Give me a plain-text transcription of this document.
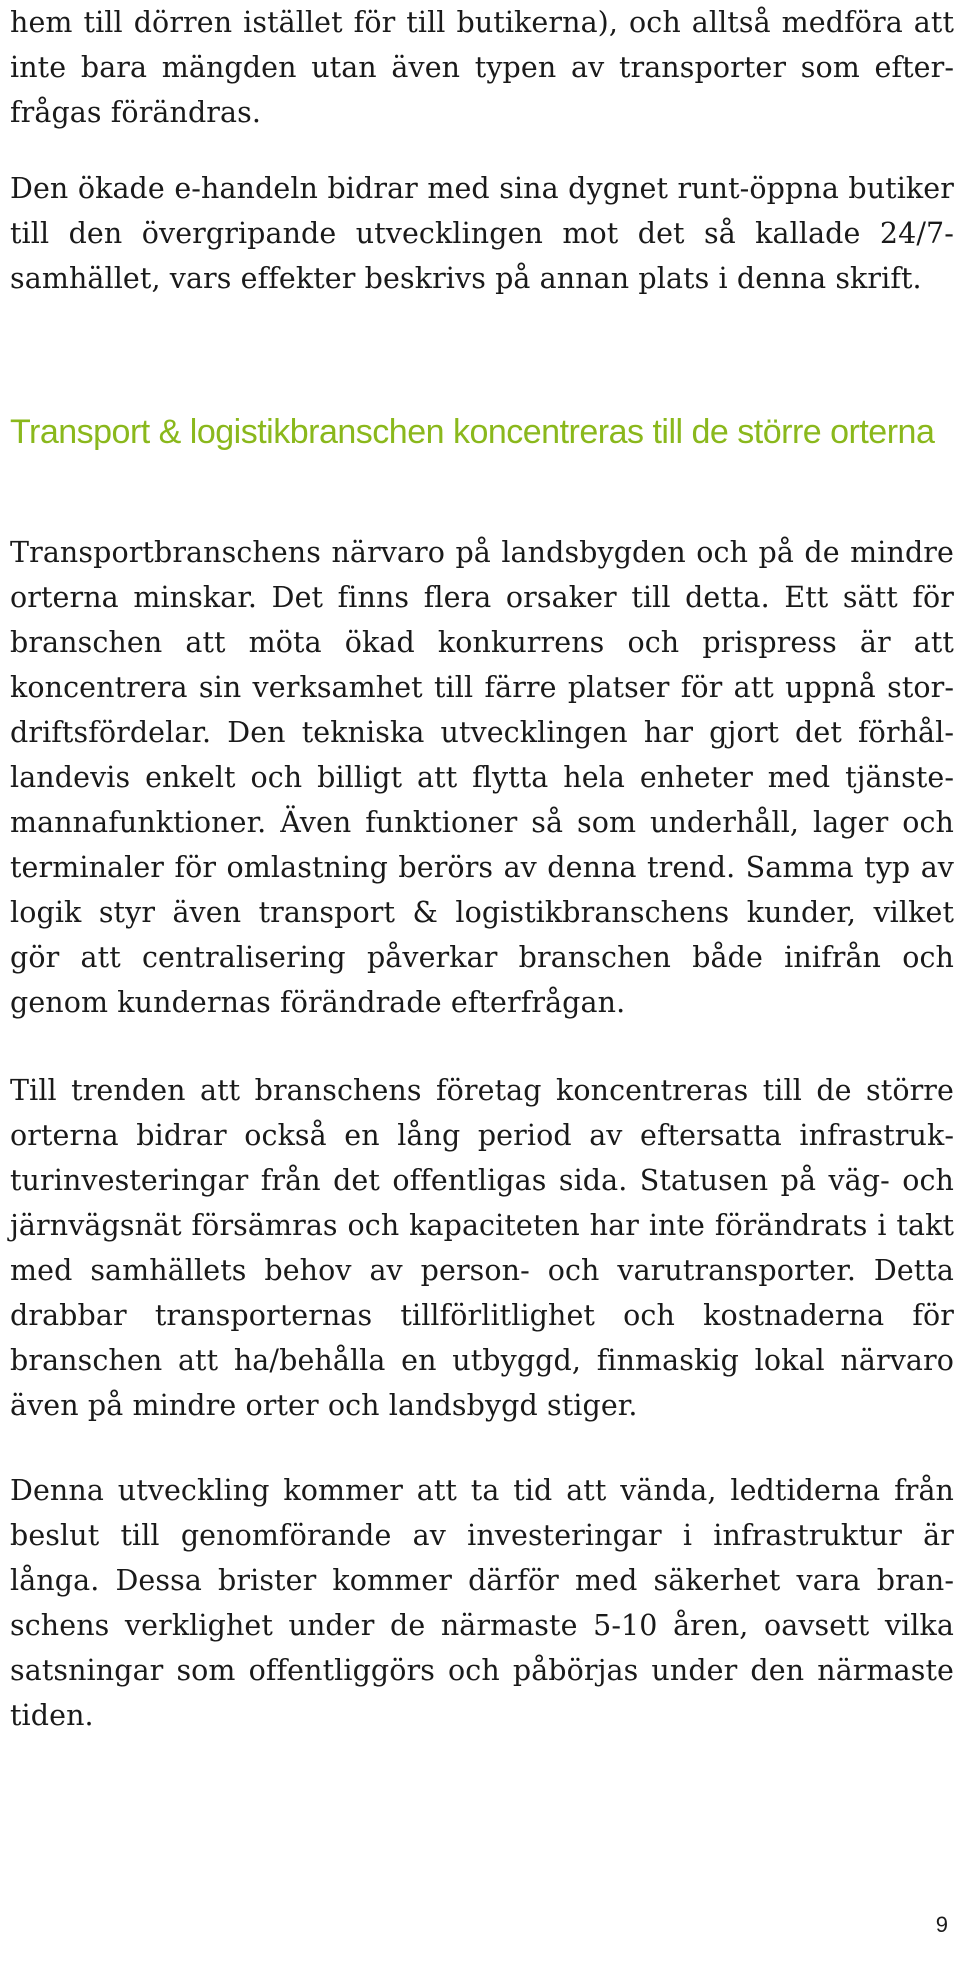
hem till dörren istället för till butikerna), och alltså medföra att inte bara mängden utan även typen av transporter som efterfrågas förändras.

Den ökade e-handeln bidrar med sina dygnet runt-öppna butiker till den övergripande utvecklingen mot det så kallade 24/7-samhället, vars effekter beskrivs på annan plats i denna skrift.

Transport & logistikbranschen koncentreras till de större orterna

Transportbranschens närvaro på landsbygden och på de mindre orterna minskar. Det finns flera orsaker till detta. Ett sätt för branschen att möta ökad konkurrens och prispress är att koncentrera sin verksamhet till färre platser för att uppnå stordriftsfördelar. Den tekniska utvecklingen har gjort det förhållandevis enkelt och billigt att flytta hela enheter med tjänstemannafunktioner. Även funktioner så som underhåll, lager och terminaler för omlastning berörs av denna trend. Samma typ av logik styr även transport & logistikbranschens kunder, vilket gör att centralisering påverkar branschen både inifrån och genom kundernas förändrade efterfrågan.

Till trenden att branschens företag koncentreras till de större orterna bidrar också en lång period av eftersatta infrastrukturinvesteringar från det offentligas sida. Statusen på väg- och järnvägsnät försämras och kapaciteten har inte förändrats i takt med samhällets behov av person- och varutransporter. Detta drabbar transporternas tillförlitlighet och kostnaderna för branschen att ha/behålla en utbyggd, finmaskig lokal närvaro även på mindre orter och landsbygd stiger.

Denna utveckling kommer att ta tid att vända, ledtiderna från beslut till genomförande av investeringar i infrastruktur är långa. Dessa brister kommer därför med säkerhet vara branschens verklighet under de närmaste 5-10 åren, oavsett vilka satsningar som offentliggörs och påbörjas under den närmaste tiden.

9
